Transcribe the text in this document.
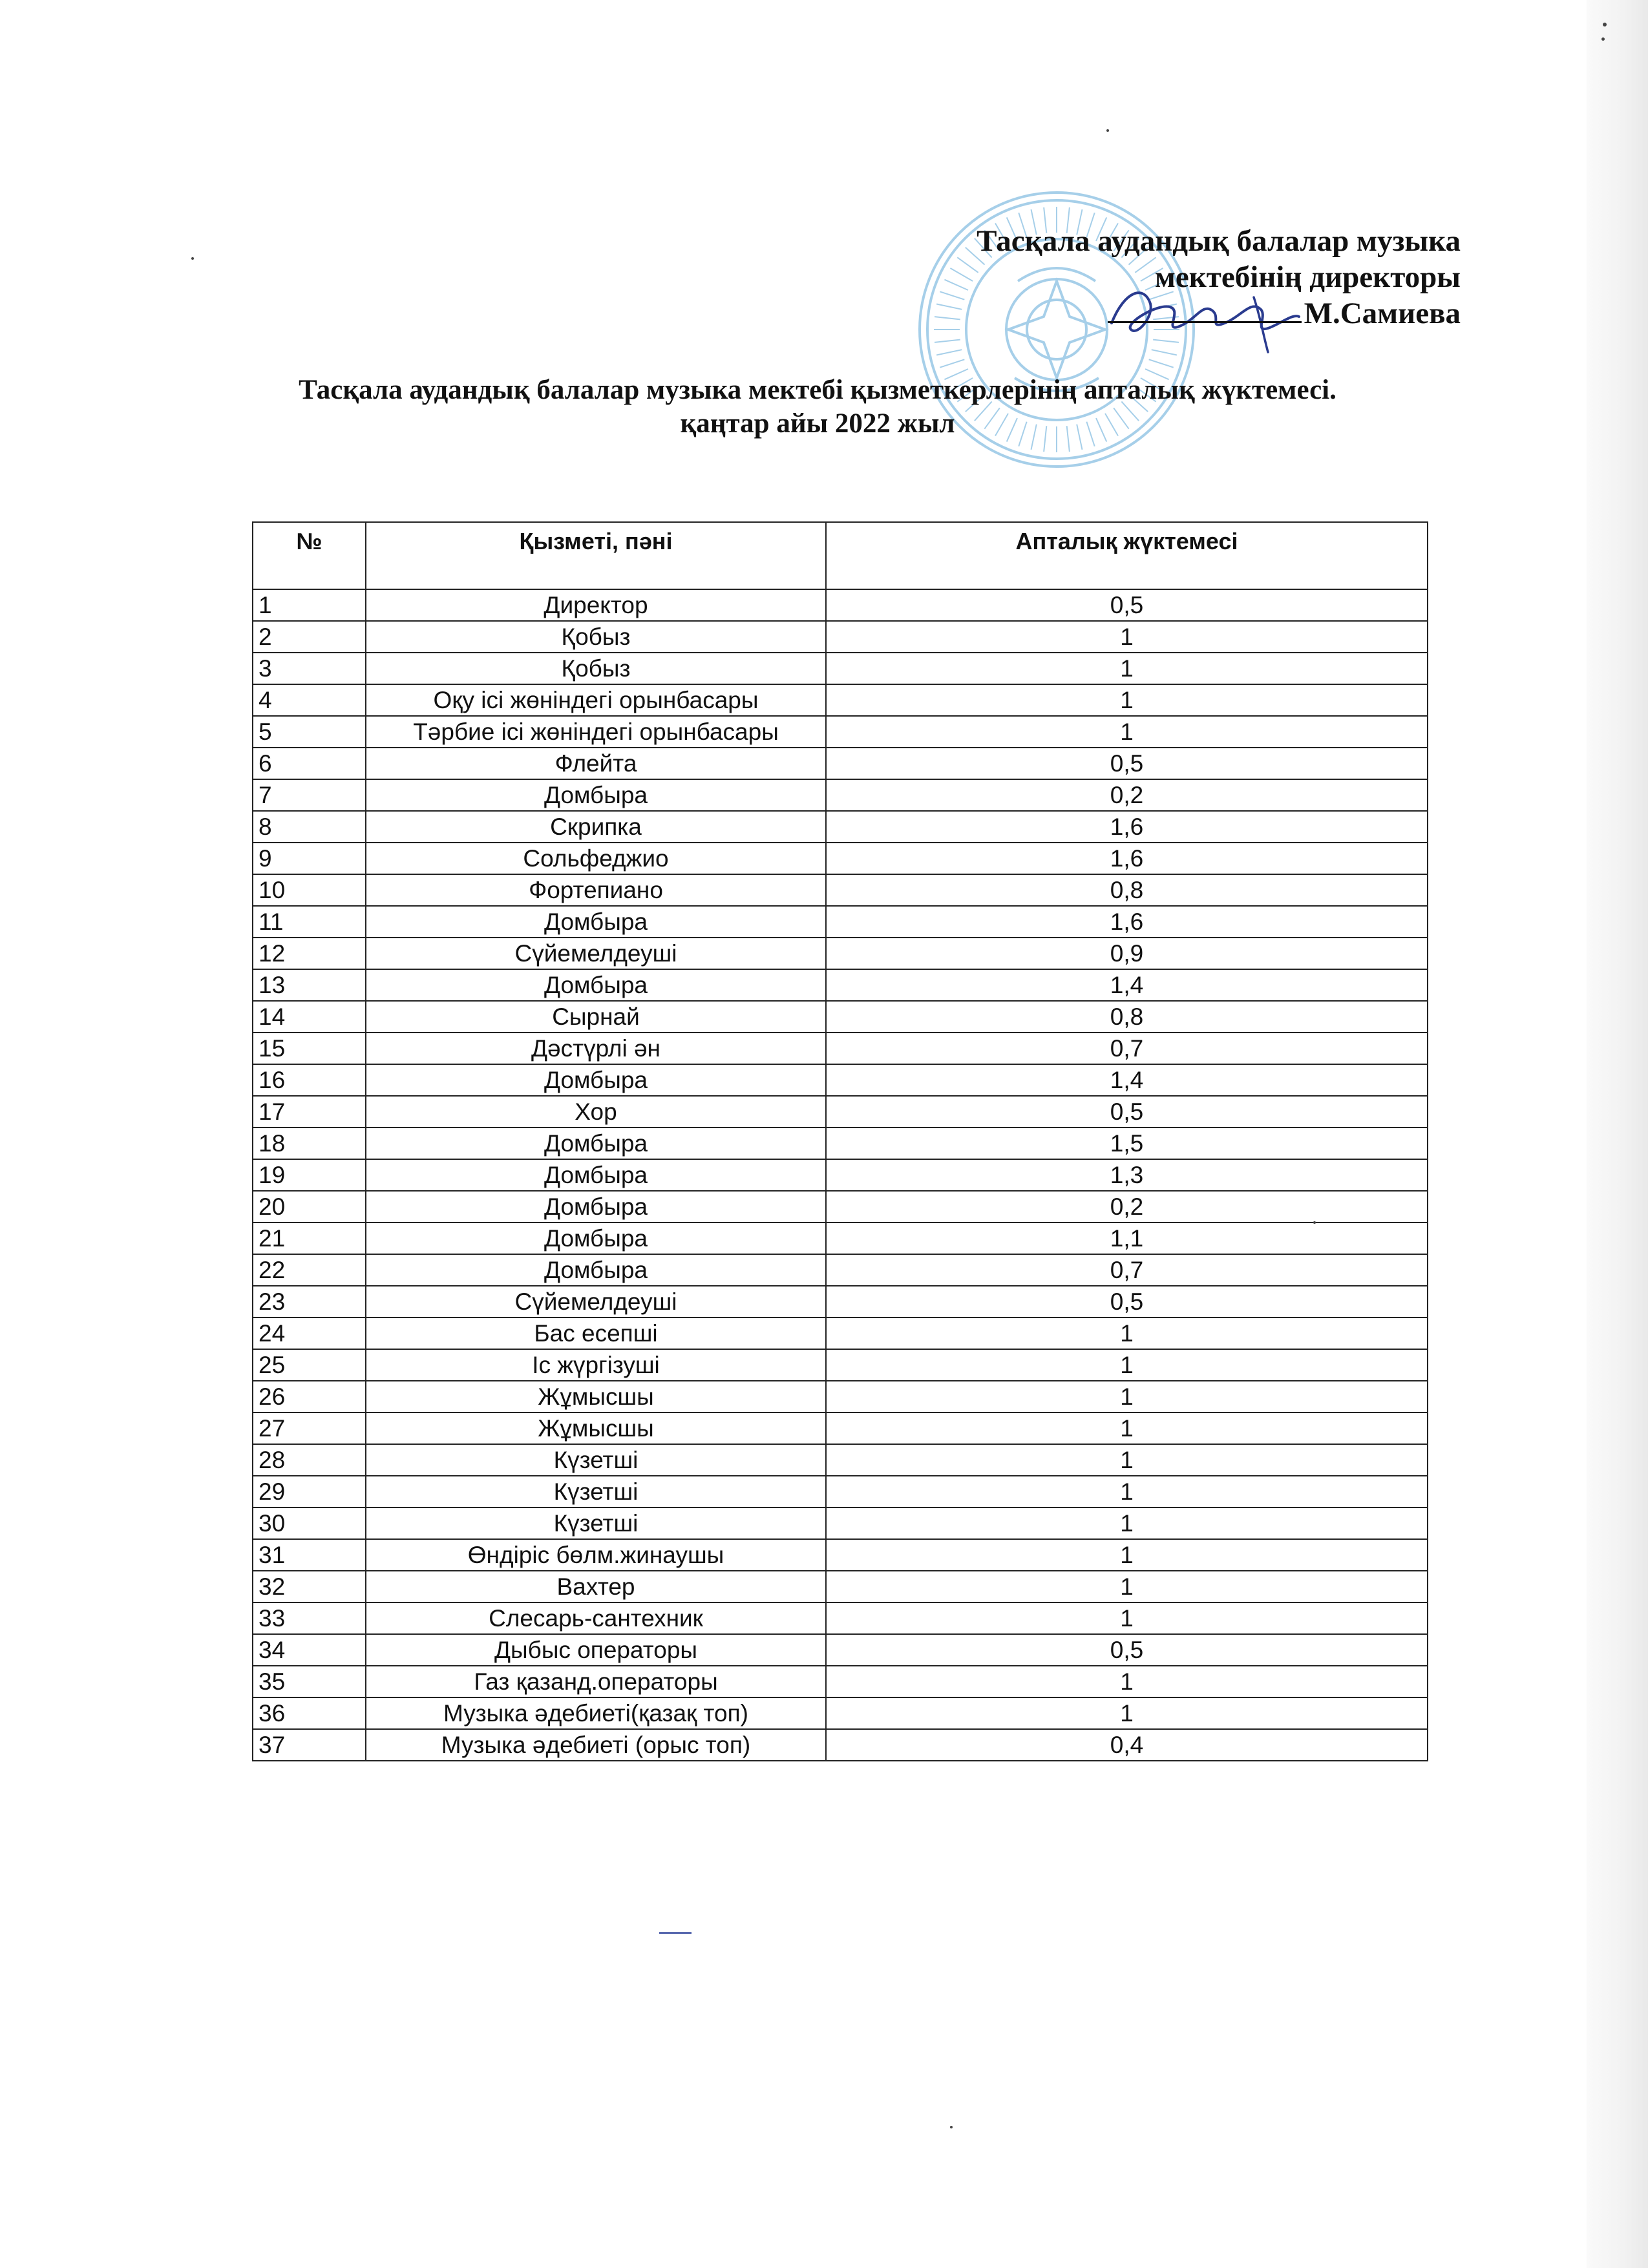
Тасқала аудандық балалар музыка
мектебінің директоры
М.Самиева
Тасқала аудандық балалар музыка мектебі қызметкерлерінің апталық жүктемесі.
қаңтар айы 2022 жыл
№	Қызметі, пәні	Апталық жүктемесі
1	Директор	0,5
2	Қобыз	1
3	Қобыз	1
4	Оқу ісі жөніндегі орынбасары	1
5	Тәрбие ісі жөніндегі орынбасары	1
6	Флейта	0,5
7	Домбыра	0,2
8	Скрипка	1,6
9	Сольфеджио	1,6
10	Фортепиано	0,8
11	Домбыра	1,6
12	Сүйемелдеуші	0,9
13	Домбыра	1,4
14	Сырнай	0,8
15	Дәстүрлі ән	0,7
16	Домбыра	1,4
17	Хор	0,5
18	Домбыра	1,5
19	Домбыра	1,3
20	Домбыра	0,2
21	Домбыра	1,1
22	Домбыра	0,7
23	Сүйемелдеуші	0,5
24	Бас есепші	1
25	Іс жүргізуші	1
26	Жұмысшы	1
27	Жұмысшы	1
28	Күзетші	1
29	Күзетші	1
30	Күзетші	1
31	Өндіріс бөлм.жинаушы	1
32	Вахтер	1
33	Слесарь-сантехник	1
34	Дыбыс операторы	0,5
35	Газ қазанд.операторы	1
36	Музыка әдебиеті(қазақ топ)	1
37	Музыка әдебиеті (орыс топ)	0,4
